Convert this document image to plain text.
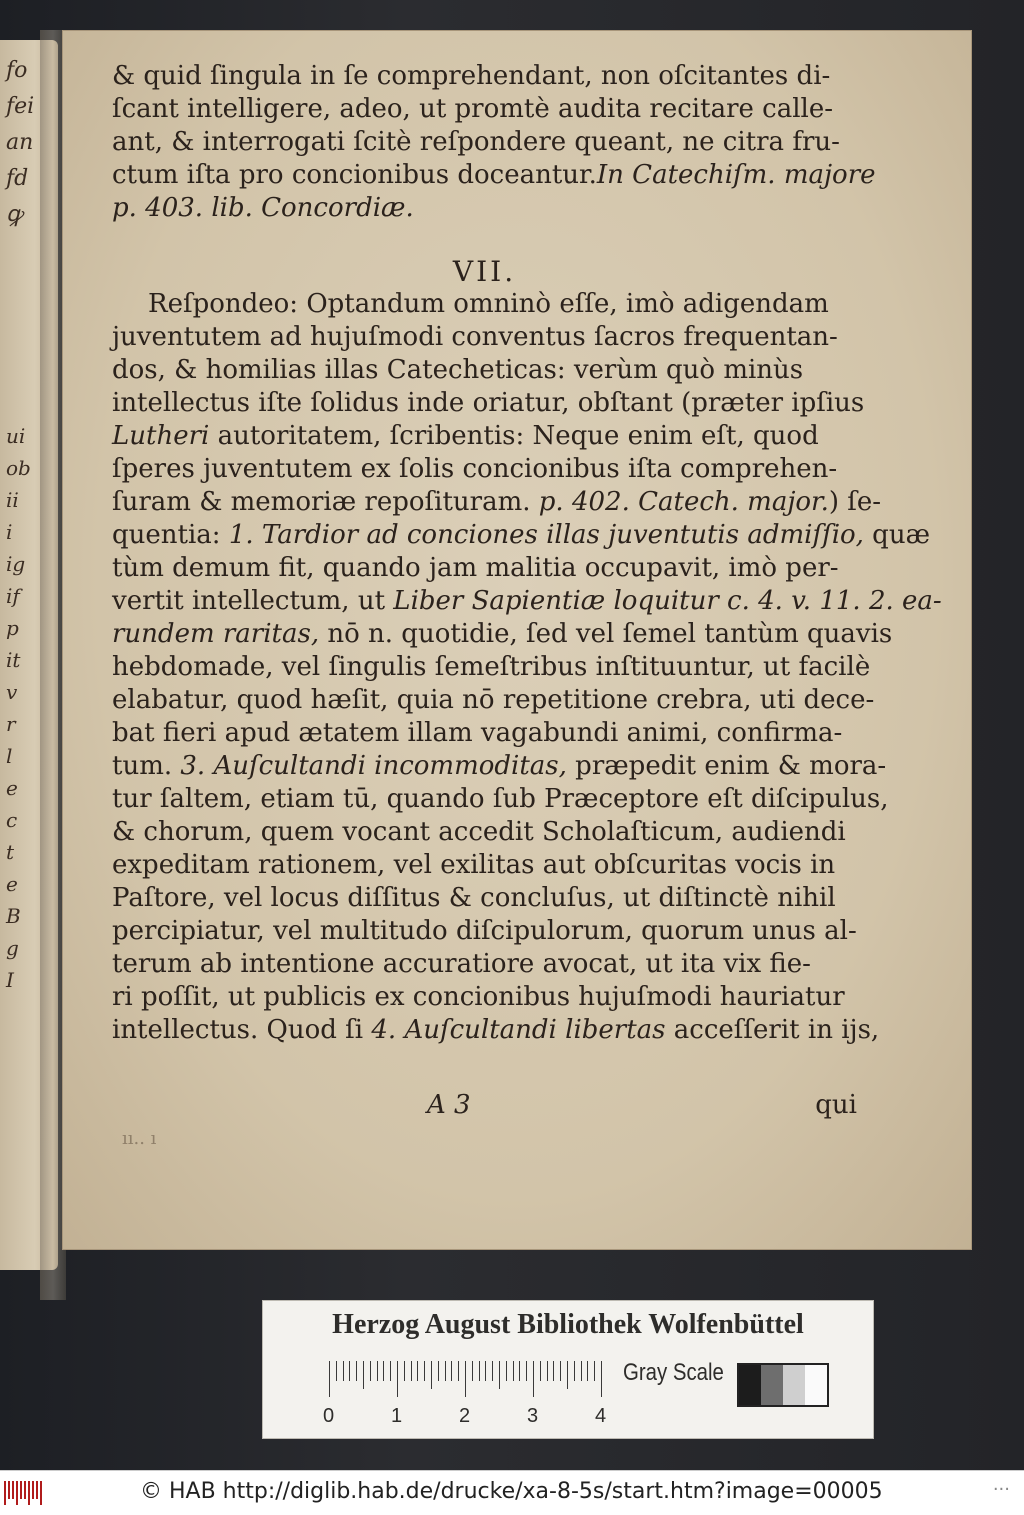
fo
fei
an
fd
ꝙ
ui
ob
ii
i
ig
if
p
it
v
r
l
e
c
t
e
B
g
I
& quid ſingula in ſe comprehendant, non oſcitantes di-
ſcant intelligere, adeo, ut promtè audita recitare calle-
ant, & interrogati ſcitè reſpondere queant, ne citra fru-
ctum iſta pro concionibus doceantur.In Catechiſm. majore
p. 403. lib. Concordiæ.
VII.
Reſpondeo: Optandum omninò eſſe, imò adigendam
juventutem ad hujuſmodi conventus ſacros frequentan-
dos, & homilias illas Catecheticas: verùm quò minùs
intellectus iſte ſolidus inde oriatur, obſtant (præter ipſius
Lutheri autoritatem, ſcribentis: Neque enim eſt, quod
ſperes juventutem ex ſolis concionibus iſta comprehen-
ſuram & memoriæ repoſituram. p. 402. Catech. major.) ſe-
quentia: 1. Tardior ad conciones illas juventutis admiſſio, quæ
tùm demum fit, quando jam malitia occupavit, imò per-
vertit intellectum, ut Liber Sapientiæ loquitur c. 4. v. 11. 2. ea-
rundem raritas, nō n. quotidie, ſed vel ſemel tantùm quavis
hebdomade, vel ſingulis ſemeſtribus inſtituuntur, ut facilè
elabatur, quod hæſit, quia nō repetitione crebra, uti dece-
bat fieri apud ætatem illam vagabundi animi, confirma-
tum. 3. Auſcultandi incommoditas, præpedit enim & mora-
tur ſaltem, etiam tū, quando ſub Præceptore eſt diſcipulus,
& chorum, quem vocant accedit Scholaſticum, audiendi
expeditam rationem, vel exilitas aut obſcuritas vocis in
Paſtore, vel locus diſſitus & concluſus, ut diſtinctè nihil
percipiatur, vel multitudo diſcipulorum, quorum unus al-
terum ab intentione accuratiore avocat, ut ita vix fie-
ri poſſit, ut publicis ex concionibus hujuſmodi hauriatur
intellectus. Quod ſi 4. Auſcultandi libertas acceſſerit in ijs,
A 3	qui
ıı.. ı
Herzog August Bibliothek Wolfenbüttel
0	1	2	3	4
Gray Scale
© HAB http://diglib.hab.de/drucke/xa-8-5s/start.htm?image=00005	···
